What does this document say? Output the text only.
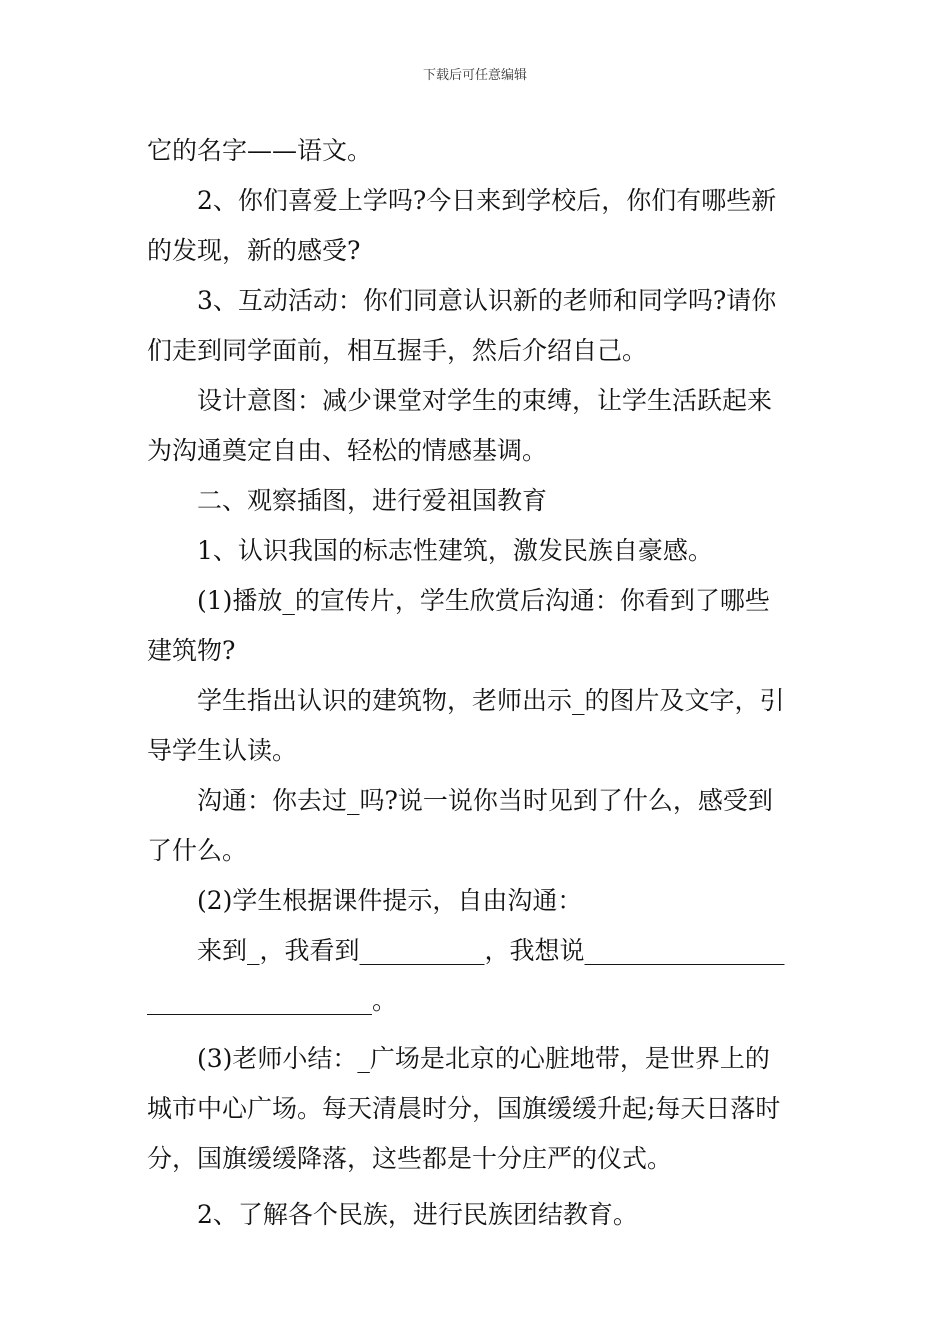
下载后可任意编辑
它的名字——语文。
2、你们喜爱上学吗?今日来到学校后，你们有哪些新
的发现，新的感受?
3、互动活动：你们同意认识新的老师和同学吗?请你
们走到同学面前，相互握手，然后介绍自己。
设计意图：减少课堂对学生的束缚，让学生活跃起来
为沟通奠定自由、轻松的情感基调。
二、观察插图，进行爱祖国教育
1、认识我国的标志性建筑，激发民族自豪感。
(1)播放_的宣传片，学生欣赏后沟通：你看到了哪些
建筑物?
学生指出认识的建筑物，老师出示_的图片及文字，引
导学生认读。
沟通：你去过_吗?说一说你当时见到了什么，感受到
了什么。
(2)学生根据课件提示，自由沟通：
来到_，我看到__________，我想说________________
__________________。
(3)老师小结：_广场是北京的心脏地带，是世界上的
城市中心广场。每天清晨时分，国旗缓缓升起;每天日落时
分，国旗缓缓降落，这些都是十分庄严的仪式。
2、了解各个民族，进行民族团结教育。
